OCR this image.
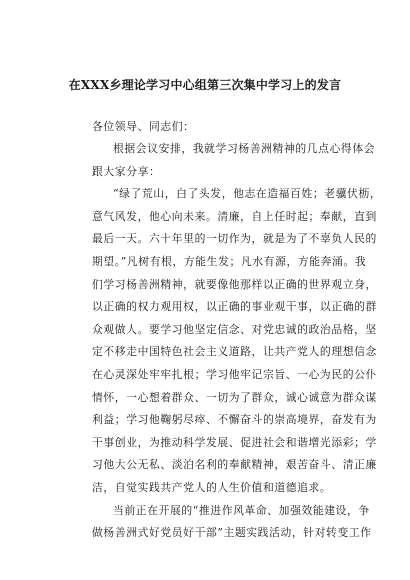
在XXX乡理论学习中心组第三次集中学习上的发言
各位领导、同志们：
根据会议安排，我就学习杨善洲精神的几点心得体会
跟大家分享：
“绿了荒山，白了头发，他志在造福百姓；老骥伏枥，
意气风发，他心向未来。清廉，自上任时起；奉献，直到
最后一天。六十年里的一切作为，就是为了不辜负人民的
期望。”凡树有根，方能生发；凡水有源，方能奔涌。我
们学习杨善洲精神，就要像他那样以正确的世界观立身，
以正确的权力观用权，以正确的事业观干事，以正确的群
众观做人。要学习他坚定信念、对党忠诚的政治品格，坚
定不移走中国特色社会主义道路，让共产党人的理想信念
在心灵深处牢牢扎根；学习他牢记宗旨、一心为民的公仆
情怀，一心想着群众、一切为了群众，诚心诚意为群众谋
利益；学习他鞠躬尽瘁、不懈奋斗的崇高境界，奋发有为
干事创业，为推动科学发展、促进社会和谐增光添彩；学
习他大公无私、淡泊名利的奉献精神，艰苦奋斗、清正廉
洁，自觉实践共产党人的人生价值和道德追求。
当前正在开展的“推进作风革命、加强效能建设，争
做杨善洲式好党员好干部”主题实践活动，针对转变工作
